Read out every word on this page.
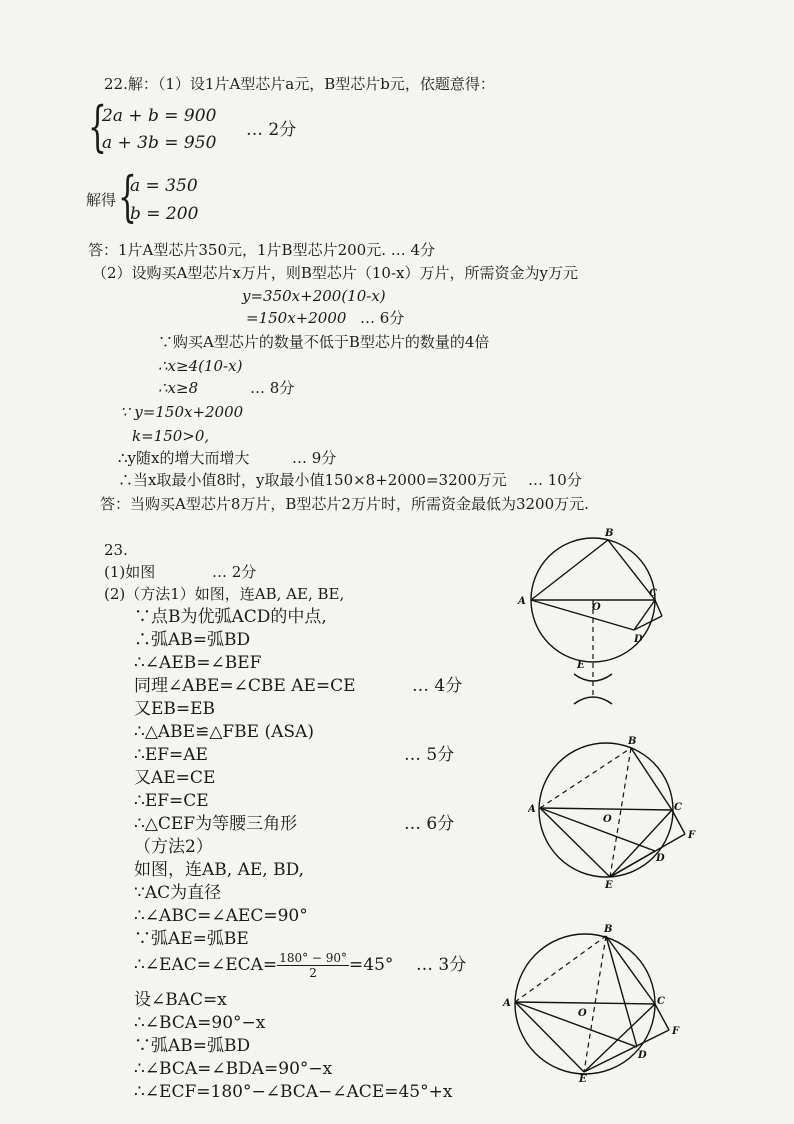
22.解：（1）设1片A型芯片a元，B型芯片b元，依题意得：
{
2a + b = 900
a + 3b = 950
… 2分
解得 {
a = 350
b = 200
答：1片A型芯片350元，1片B型芯片200元. … 4分
（2）设购买A型芯片x万片，则B型芯片（10-x）万片，所需资金为y万元
y=350x+200(10-x)
=150x+2000 … 6分
∵购买A型芯片的数量不低于B型芯片的数量的4倍
∴x≥4(10-x)
∴x≥8	… 8分
∵ y=150x+2000
k=150>0,
∴y随x的增大而增大	… 9分
∴当x取最小值8时，y取最小值150×8+2000=3200万元 … 10分
答：当购买A型芯片8万片，B型芯片2万片时，所需资金最低为3200万元.
23.
(1)如图	… 2分
(2)（方法1）如图，连AB, AE, BE,
∵点B为优弧ACD的中点,
∴弧AB=弧BD
∴∠AEB=∠BEF
同理∠ABE=∠CBE AE=CE	… 4分
又EB=EB
∴△ABE≌△FBE (ASA)
∴EF=AE	… 5分
又AE=CE
∴EF=CE
∴△CEF为等腰三角形	… 6分
（方法2）
如图，连AB, AE, BD,
∵AC为直径
∴∠ABC=∠AEC=90°
∵弧AE=弧BE
∴∠EAC=∠ECA= $\frac{180^\circ - 90^\circ}{2} =45^\circ$ … 3分
设∠BAC=x
∴∠BCA=90°−x
∵弧AB=弧BD
∴∠BCA=∠BDA=90°−x
∴∠ECF=180°−∠BCA−∠ACE=45°+x
A
B
C
D
E
O
A
B
C
D
E
F
O
A
B
C
D
E
F
O
